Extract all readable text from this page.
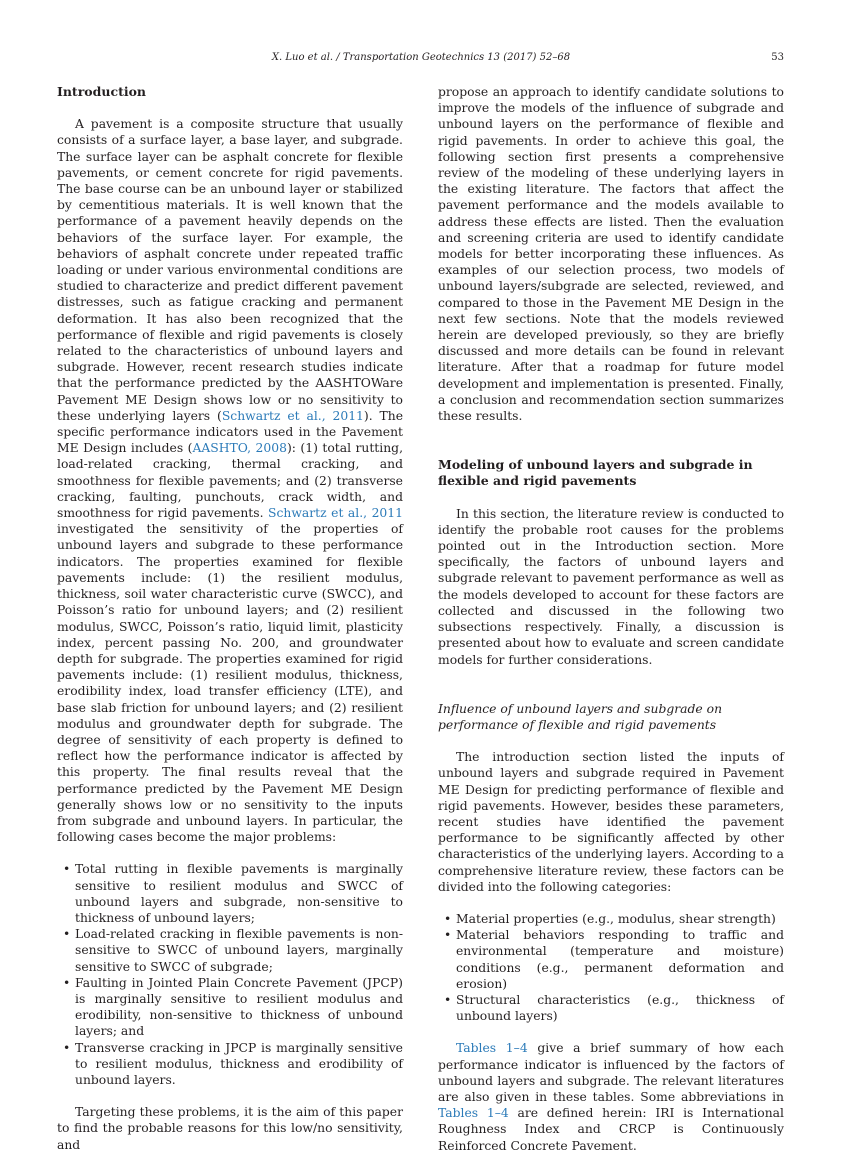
X. Luo et al. / Transportation Geotechnics 13 (2017) 52–68	53
Introduction

A pavement is a composite structure that usually consists of a surface layer, a base layer, and subgrade. The surface layer can be asphalt concrete for flexible pavements, or cement concrete for rigid pavements. The base course can be an unbound layer or stabilized by cementitious materials. It is well known that the performance of a pavement heavily depends on the behaviors of the surface layer. For example, the behaviors of asphalt concrete under repeated traffic loading or under various environmental conditions are studied to characterize and predict different pavement distresses, such as fatigue cracking and permanent deformation. It has also been recognized that the performance of flexible and rigid pavements is closely related to the characteristics of unbound layers and subgrade. However, recent research studies indicate that the performance predicted by the AASHTOWare Pavement ME Design shows low or no sensitivity to these underlying layers (Schwartz et al., 2011). The specific performance indicators used in the Pavement ME Design includes (AASHTO, 2008): (1) total rutting, load-related cracking, thermal cracking, and smoothness for flexible pavements; and (2) transverse cracking, faulting, punchouts, crack width, and smoothness for rigid pavements. Schwartz et al., 2011 investigated the sensitivity of the properties of unbound layers and subgrade to these performance indicators. The properties examined for flexible pavements include: (1) the resilient modulus, thickness, soil water characteristic curve (SWCC), and Poisson’s ratio for unbound layers; and (2) resilient modulus, SWCC, Poisson’s ratio, liquid limit, plasticity index, percent passing No. 200, and groundwater depth for subgrade. The properties examined for rigid pavements include: (1) resilient modulus, thickness, erodibility index, load transfer efficiency (LTE), and base slab friction for unbound layers; and (2) resilient modulus and groundwater depth for subgrade. The degree of sensitivity of each property is defined to reflect how the performance indicator is affected by this property. The final results reveal that the performance predicted by the Pavement ME Design generally shows low or no sensitivity to the inputs from subgrade and unbound layers. In particular, the following cases become the major problems:

• Total rutting in flexible pavements is marginally sensitive to resilient modulus and SWCC of unbound layers and subgrade, non-sensitive to thickness of unbound layers;
• Load-related cracking in flexible pavements is non-sensitive to SWCC of unbound layers, marginally sensitive to SWCC of subgrade;
• Faulting in Jointed Plain Concrete Pavement (JPCP) is marginally sensitive to resilient modulus and erodibility, non-sensitive to thickness of unbound layers; and
• Transverse cracking in JPCP is marginally sensitive to resilient modulus, thickness and erodibility of unbound layers.

Targeting these problems, it is the aim of this paper to find the probable reasons for this low/no sensitivity, and

propose an approach to identify candidate solutions to improve the models of the influence of subgrade and unbound layers on the performance of flexible and rigid pavements. In order to achieve this goal, the following section first presents a comprehensive review of the modeling of these underlying layers in the existing literature. The factors that affect the pavement performance and the models available to address these effects are listed. Then the evaluation and screening criteria are used to identify candidate models for better incorporating these influences. As examples of our selection process, two models of unbound layers/subgrade are selected, reviewed, and compared to those in the Pavement ME Design in the next few sections. Note that the models reviewed herein are developed previously, so they are briefly discussed and more details can be found in relevant literature. After that a roadmap for future model development and implementation is presented. Finally, a conclusion and recommendation section summarizes these results.

Modeling of unbound layers and subgrade in flexible and rigid pavements

In this section, the literature review is conducted to identify the probable root causes for the problems pointed out in the Introduction section. More specifically, the factors of unbound layers and subgrade relevant to pavement performance as well as the models developed to account for these factors are collected and discussed in the following two subsections respectively. Finally, a discussion is presented about how to evaluate and screen candidate models for further considerations.

Influence of unbound layers and subgrade on performance of flexible and rigid pavements

The introduction section listed the inputs of unbound layers and subgrade required in Pavement ME Design for predicting performance of flexible and rigid pavements. However, besides these parameters, recent studies have identified the pavement performance to be significantly affected by other characteristics of the underlying layers. According to a comprehensive literature review, these factors can be divided into the following categories:

• Material properties (e.g., modulus, shear strength)
• Material behaviors responding to traffic and environmental (temperature and moisture) conditions (e.g., permanent deformation and erosion)
• Structural characteristics (e.g., thickness of unbound layers)

Tables 1–4 give a brief summary of how each performance indicator is influenced by the factors of unbound layers and subgrade. The relevant literatures are also given in these tables. Some abbreviations in Tables 1–4 are defined herein: IRI is International Roughness Index and CRCP is Continuously Reinforced Concrete Pavement.
